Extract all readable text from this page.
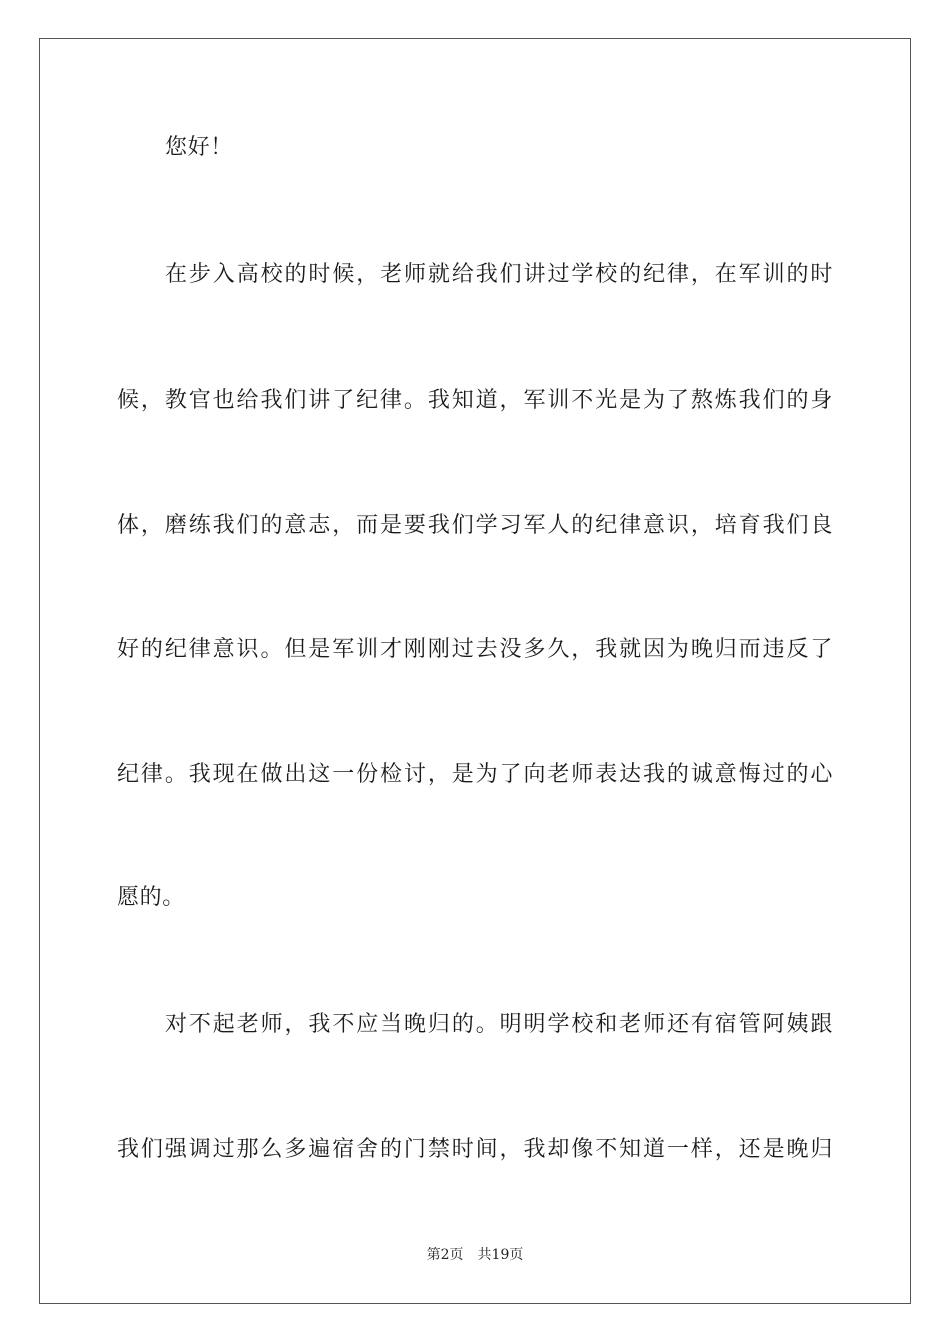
您好！
在步入高校的时候，老师就给我们讲过学校的纪律，在军训的时
候，教官也给我们讲了纪律。我知道，军训不光是为了熬炼我们的身
体，磨练我们的意志，而是要我们学习军人的纪律意识，培育我们良
好的纪律意识。但是军训才刚刚过去没多久，我就因为晚归而违反了
纪律。我现在做出这一份检讨，是为了向老师表达我的诚意悔过的心
愿的。
对不起老师，我不应当晚归的。明明学校和老师还有宿管阿姨跟
我们强调过那么多遍宿舍的门禁时间，我却像不知道一样，还是晚归
第2页 共19页
